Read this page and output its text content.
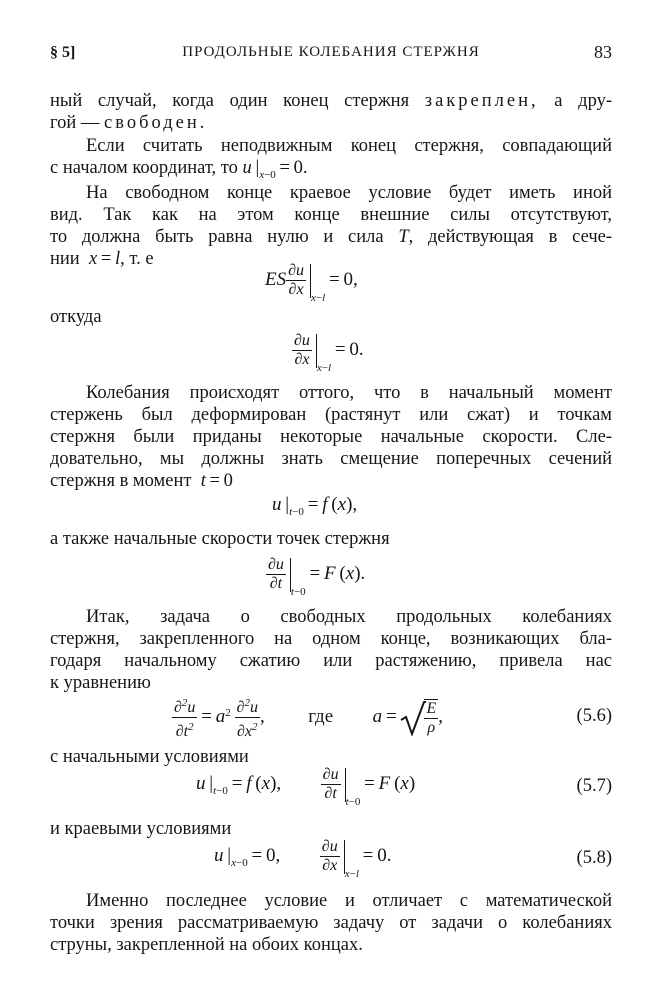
§ 5]	ПРОДОЛЬНЫЕ КОЛЕБАНИЯ СТЕРЖНЯ	83
ный случай, когда один конец стержня закреплен, а дру-
гой — свободен.
Если считать неподвижным конец стержня, совпадающий
с началом координат, то u $|_{x-0} = 0$.
На свободном конце краевое условие будет иметь иной
вид. Так как на этом конце внешние силы отсутствуют,
то должна быть равна нулю и сила T, действующая в сече-
нии x = l, т. е
ES $\frac{\partial u}{\partial x} _{x-l} = 0$,
откуда
$\frac{\partial u}{\partial x} _{x-l} = 0$.
Колебания происходят оттого, что в начальный момент
стержень был деформирован (растянут или сжат) и точкам
стержня были приданы некоторые начальные скорости. Сле-
довательно, мы должны знать смещение поперечных сечений
стержня в момент t = 0
u $|_{t-0} = f$ (x),
а также начальные скорости точек стержня
$\frac{\partial u}{\partial t} _{t-0} = F$ (x).
Итак, задача о свободных продольных колебаниях
стержня, закрепленного на одном конце, возникающих бла-
годаря начальному сжатию или растяжению, привела нас
к уравнению
$\frac{\partial^2u}{\partial t^2} = a^2 \frac{\partial^2u}{\partial x^2}$ ,  где $a = \frac{E}{\rho}$ ,	(5.6)
с начальными условиями
u $|_{t-0} = f$ (x), $\frac{\partial u}{\partial t} _{t-0} = F$ (x)	(5.7)
и краевыми условиями
u $|_{x-0} = 0$, $\frac{\partial u}{\partial x} _{x-l} = 0$.	(5.8)
Именно последнее условие и отличает с математической
точки зрения рассматриваемую задачу от задачи о колебаниях
струны, закрепленной на обоих концах.
